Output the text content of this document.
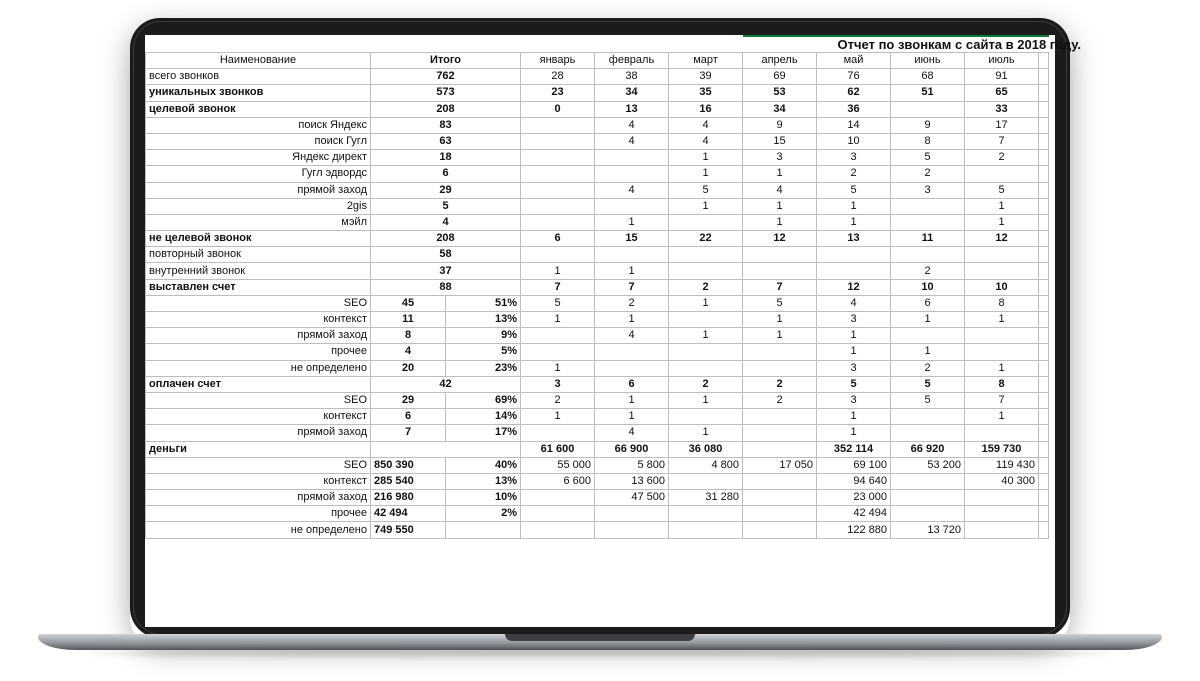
						Отчет по звонкам с сайта в 2018 году.				
Наименование	Итого		январь	февраль	март	апрель	май	июнь	июль	
всего звонков	762		28	38	39	69	76	68	91	
уникальных звонков	573		23	34	35	53	62	51	65	
целевой звонок	208		0	13	16	34	36		33	
поиск Яндекс	83			4	4	9	14	9	17	
поиск Гугл	63			4	4	15	10	8	7	
Яндекс директ	18				1	3	3	5	2	
Гугл эдвордс	6				1	1	2	2		
прямой заход	29			4	5	4	5	3	5	
2gis	5				1	1	1		1	
мэйл	4			1		1	1		1	
не целевой звонок	208		6	15	22	12	13	11	12	
повторный звонок	58									
внутренний звонок	37		1	1				2		
выставлен счет	88		7	7	2	7	12	10	10	
SEO	45	51%	5	2	1	5	4	6	8	
контекст	11	13%	1	1		1	3	1	1	
прямой заход	8	9%		4	1	1	1			
прочее	4	5%					1	1		
не определено	20	23%	1				3	2	1	
оплачен счет	42		3	6	2	2	5	5	8	
SEO	29	69%	2	1	1	2	3	5	7	
контекст	6	14%	1	1			1		1	
прямой заход	7	17%		4	1		1			
деньги			61 600	66 900	36 080		352 114	66 920	159 730	
SEO	850 390	40%	55 000	5 800	4 800	17 050	69 100	53 200	119 430	
контекст	285 540	13%	6 600	13 600			94 640		40 300	
прямой заход	216 980	10%		47 500	31 280		23 000			
прочее	42 494	2%					42 494			
не определено	749 550						122 880	13 720		
